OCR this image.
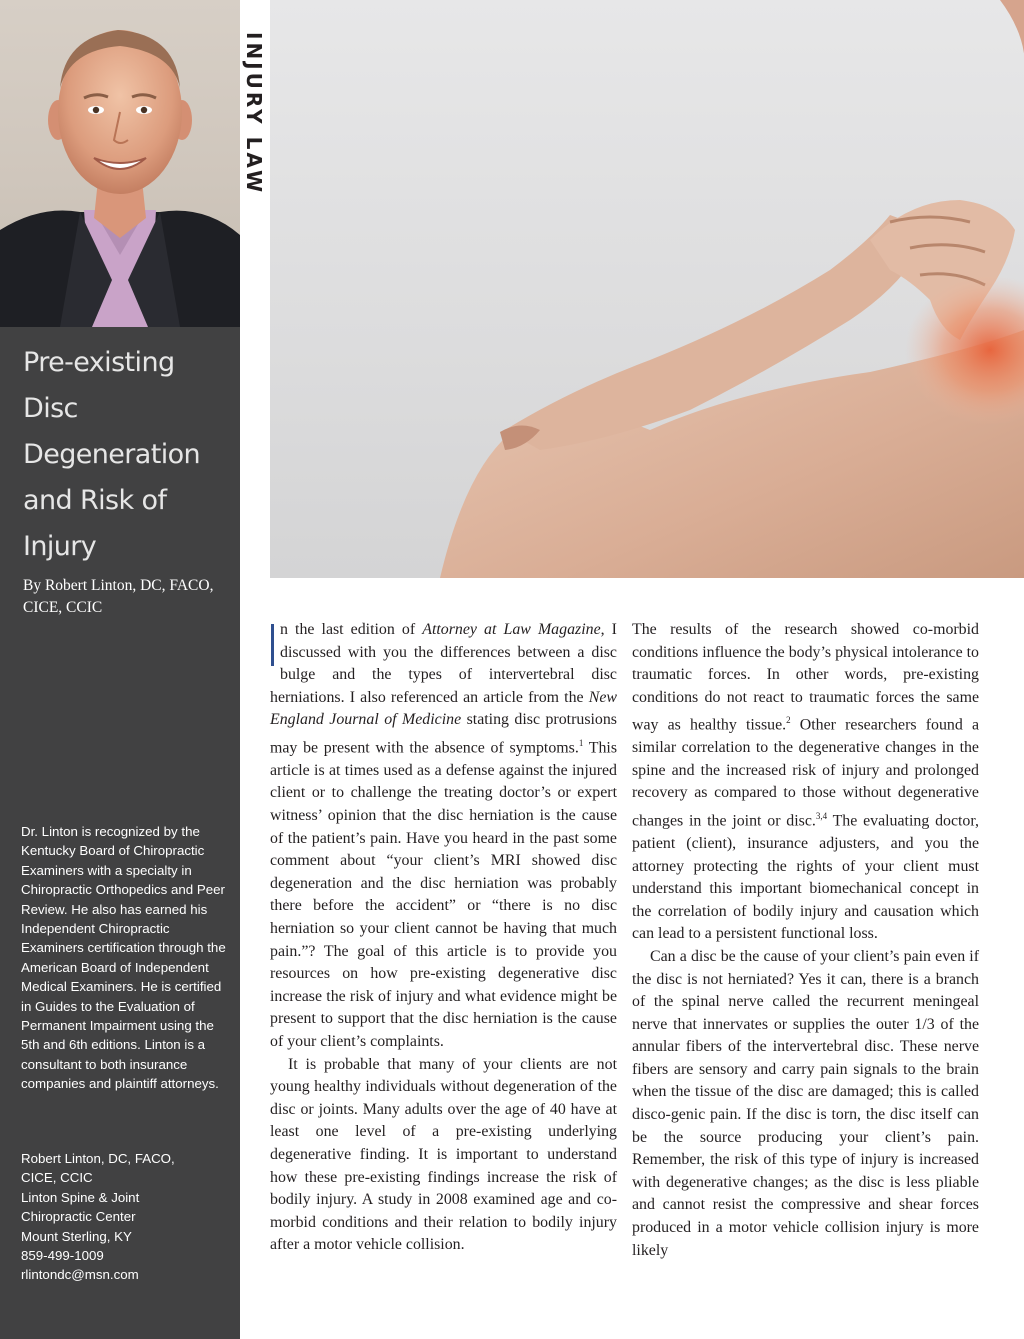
Pre-existing
Disc
Degeneration
and Risk of
Injury
By Robert Linton, DC, FACO, CICE, CCIC
Dr. Linton is recognized by the Kentucky Board of Chiropractic Examiners with a specialty in Chiropractic Orthopedics and Peer Review. He also has earned his Independent Chiropractic Examiners certification through the American Board of Independent Medical Examiners. He is certified in Guides to the Evaluation of Permanent Impairment using the 5th and 6th editions. Linton is a consultant to both insurance companies and plaintiff attorneys.
Robert Linton, DC, FACO,
CICE, CCIC
Linton Spine & Joint
Chiropractic Center
Mount Sterling, KY
859-499-1009
rlintondc@msn.com
INJURY LAW

n the last edition of Attorney at Law Magazine, I discussed with you the differences between a disc bulge and the types of intervertebral disc herniations. I also referenced an article from the New England Journal of Medicine stating disc protrusions may be present with the absence of symptoms.$^1$ This article is at times used as a defense against the injured client or to challenge the treating doctor’s or expert witness’ opinion that the disc herniation is the cause of the patient’s pain. Have you heard in the past some comment about “your client’s MRI showed disc degeneration and the disc herniation was probably there before the accident” or “there is no disc herniation so your client cannot be having that much pain.”? The goal of this article is to provide you resources on how pre-existing degenerative disc increase the risk of injury and what evidence might be present to support that the disc herniation is the cause of your client’s complaints.

It is probable that many of your clients are not young healthy individuals without degeneration of the disc or joints. Many adults over the age of 40 have at least one level of a pre-existing underlying degenerative finding. It is important to understand how these pre-existing findings increase the risk of bodily injury. A study in 2008 examined age and co-morbid conditions and their relation to bodily injury after a motor vehicle collision.

The results of the research showed co-morbid conditions influence the body’s physical intolerance to traumatic forces. In other words, pre-existing conditions do not react to traumatic forces the same way as healthy tissue.$^2$ Other researchers found a similar correlation to the degenerative changes in the spine and the increased risk of injury and prolonged recovery as compared to those without degenerative changes in the joint or disc.$^{3,4}$ The evaluating doctor, patient (client), insurance adjusters, and you the attorney protecting the rights of your client must understand this important biomechanical concept in the correlation of bodily injury and causation which can lead to a persistent functional loss.

Can a disc be the cause of your client’s pain even if the disc is not herniated? Yes it can, there is a branch of the spinal nerve called the recurrent meningeal nerve that innervates or supplies the outer 1/3 of the annular fibers of the intervertebral disc. These nerve fibers are sensory and carry pain signals to the brain when the tissue of the disc are damaged; this is called disco-genic pain. If the disc is torn, the disc itself can be the source producing your client’s pain. Remember, the risk of this type of injury is increased with degenerative changes; as the disc is less pliable and cannot resist the compressive and shear forces produced in a motor vehicle collision injury is more likely
